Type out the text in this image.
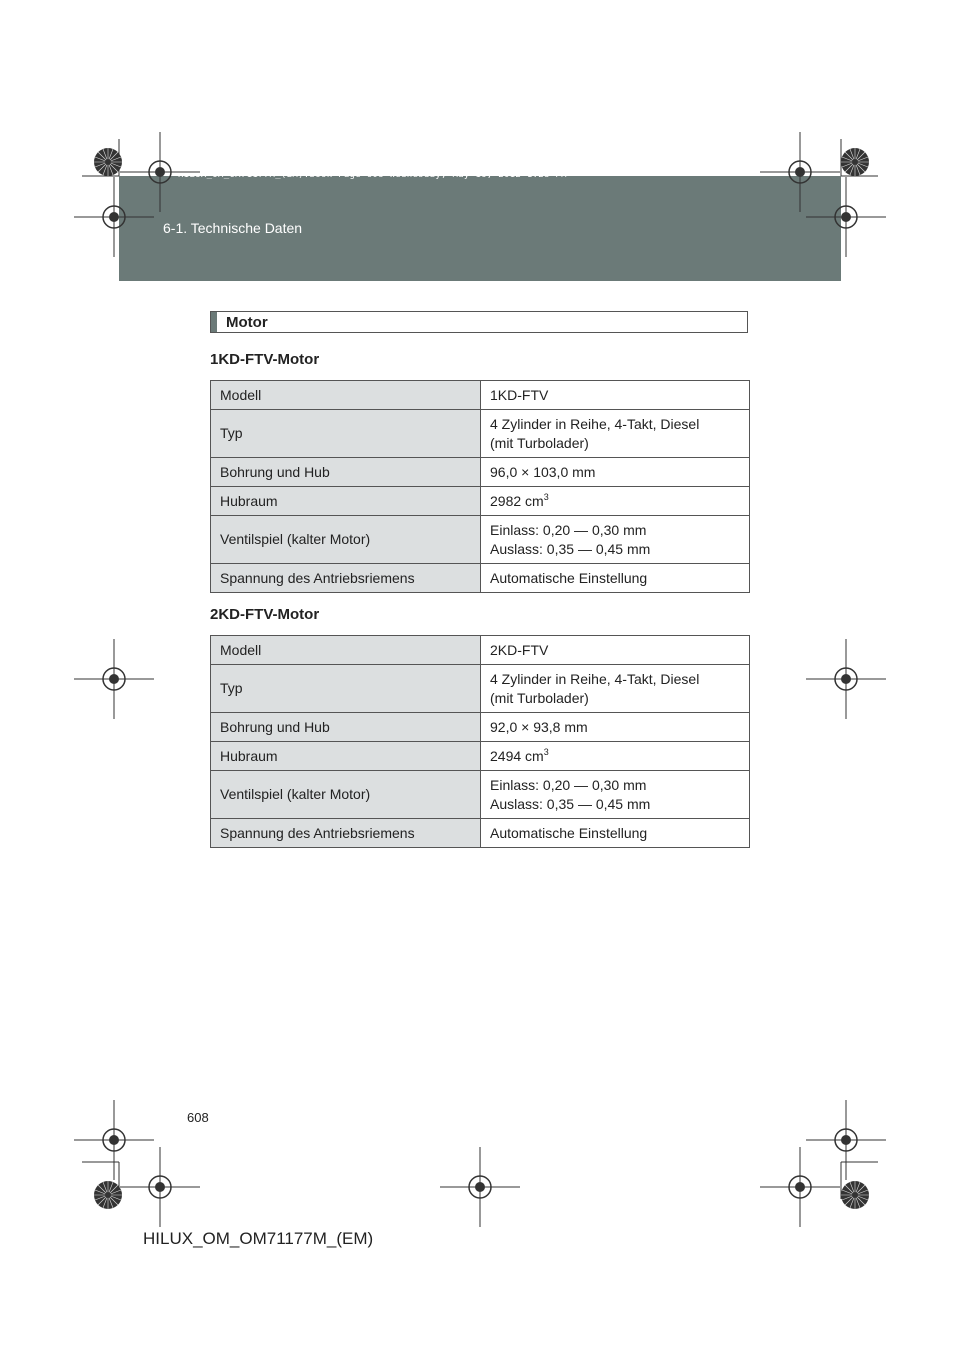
HILUX_OM_OM71177M_(EM).book Page 608 Wednesday, May 16, 2012 1:28 PM
6-1. Technische Daten
Motor
1KD-FTV-Motor
Modell	1KD-FTV
Typ	4 Zylinder in Reihe, 4-Takt, Diesel
(mit Turbolader)
Bohrung und Hub	96,0 × 103,0 mm
Hubraum	2982 $cm^3$
Ventilspiel (kalter Motor)	Einlass: 0,20 — 0,30 mm
Auslass: 0,35 — 0,45 mm
Spannung des Antriebsriemens	Automatische Einstellung
2KD-FTV-Motor
Modell	2KD-FTV
Typ	4 Zylinder in Reihe, 4-Takt, Diesel
(mit Turbolader)
Bohrung und Hub	92,0 × 93,8 mm
Hubraum	2494 $cm^3$
Ventilspiel (kalter Motor)	Einlass: 0,20 — 0,30 mm
Auslass: 0,35 — 0,45 mm
Spannung des Antriebsriemens	Automatische Einstellung
608
HILUX_OM_OM71177M_(EM)
